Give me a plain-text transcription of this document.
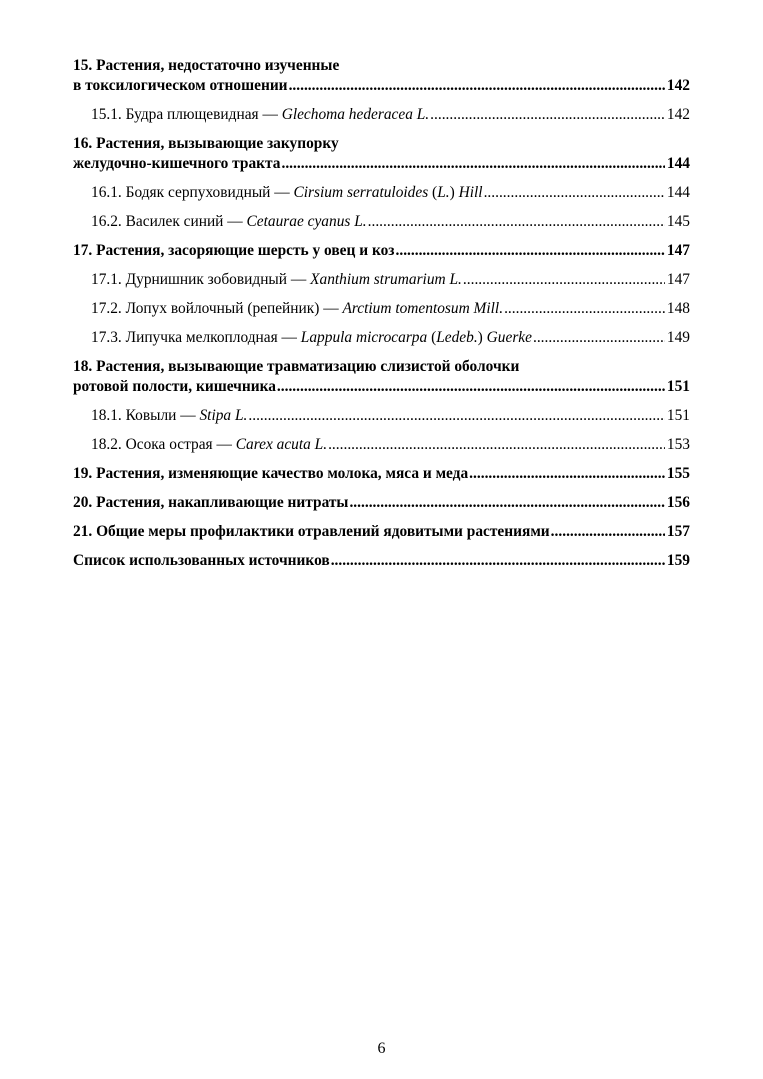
15. Растения, недостаточно изученные
в токсилогическом отношении .....	142
15.1. Будра плющевидная — Glechoma hederacea L. .....	142
16. Растения, вызывающие закупорку
желудочно-кишечного тракта .....	144
16.1. Бодяк серпуховидный — Cirsium serratuloides (L.) Hill .....	144
16.2. Василек синий — Cetaurae cyanus L. .....	145
17. Растения, засоряющие шерсть у овец и коз .....	147
17.1. Дурнишник зобовидный — Xanthium strumarium L. .....	147
17.2. Лопух войлочный (репейник) — Arctium tomentosum Mill. .....	148
17.3. Липучка мелкоплодная — Lappula microcarpa (Ledeb.) Guerke .....	149
18. Растения, вызывающие травматизацию слизистой оболочки
ротовой полости, кишечника .....	151
18.1. Ковыли — Stipa L. .....	151
18.2. Осока острая — Carex acuta L. .....	153
19. Растения, изменяющие качество молока, мяса и меда .....	155
20. Растения, накапливающие нитраты .....	156
21. Общие меры профилактики отравлений ядовитыми растениями .....	157
Список использованных источников .....	159
6
